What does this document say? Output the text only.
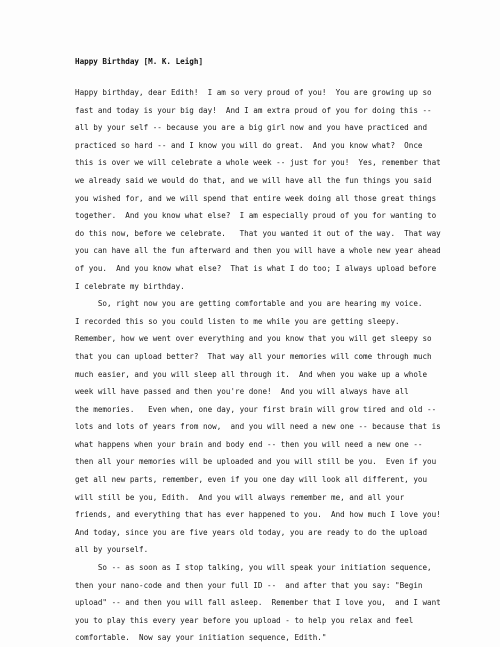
Happy Birthday [M. K. Leigh]
Happy birthday, dear Edith!  I am so very proud of you!  You are growing up so
fast and today is your big day!  And I am extra proud of you for doing this --
all by your self -- because you are a big girl now and you have practiced and
practiced so hard -- and I know you will do great.  And you know what?  Once
this is over we will celebrate a whole week -- just for you!  Yes, remember that
we already said we would do that, and we will have all the fun things you said
you wished for, and we will spend that entire week doing all those great things
together.  And you know what else?  I am especially proud of you for wanting to
do this now, before we celebrate.   That you wanted it out of the way.  That way
you can have all the fun afterward and then you will have a whole new year ahead
of you.  And you know what else?  That is what I do too; I always upload before
I celebrate my birthday.
So, right now you are getting comfortable and you are hearing my voice.
I recorded this so you could listen to me while you are getting sleepy.
Remember, how we went over everything and you know that you will get sleepy so
that you can upload better?  That way all your memories will come through much
much easier, and you will sleep all through it.  And when you wake up a whole
week will have passed and then you're done!  And you will always have all
the memories.   Even when, one day, your first brain will grow tired and old --
lots and lots of years from now,  and you will need a new one -- because that is
what happens when your brain and body end -- then you will need a new one --
then all your memories will be uploaded and you will still be you.  Even if you
get all new parts, remember, even if you one day will look all different, you
will still be you, Edith.  And you will always remember me, and all your
friends, and everything that has ever happened to you.  And how much I love you!
And today, since you are five years old today, you are ready to do the upload
all by yourself.
So -- as soon as I stop talking, you will speak your initiation sequence,
then your nano-code and then your full ID --  and after that you say: "Begin
upload" -- and then you will fall asleep.  Remember that I love you,  and I want
you to play this every year before you upload - to help you relax and feel
comfortable.  Now say your initiation sequence, Edith."
